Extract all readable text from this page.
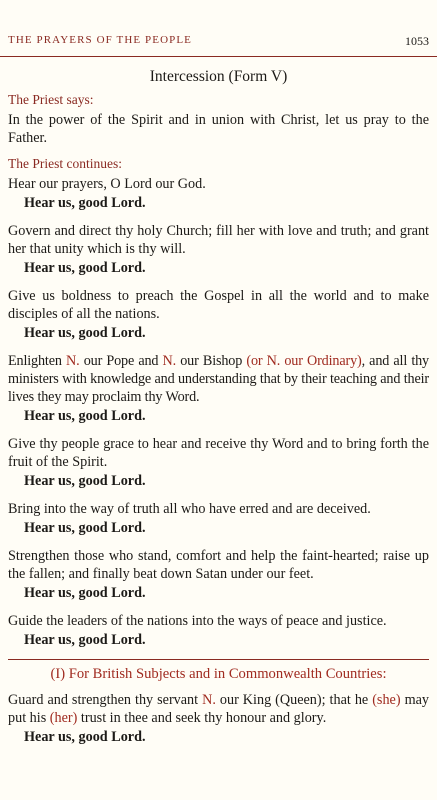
THE PRAYERS OF THE PEOPLE	1053
Intercession (Form V)
The Priest says:

In the power of the Spirit and in union with Christ, let us pray to the Father.

The Priest continues:

Hear our prayers, O Lord our God.

Hear us, good Lord.

Govern and direct thy holy Church; fill her with love and truth; and grant her that unity which is thy will.

Hear us, good Lord.

Give us boldness to preach the Gospel in all the world and to make disciples of all the nations.

Hear us, good Lord.

Enlighten N. our Pope and N. our Bishop (or N. our Ordinary), and all thy ministers with knowledge and understanding that by their teaching and their lives they may proclaim thy Word.

Hear us, good Lord.

Give thy people grace to hear and receive thy Word and to bring forth the fruit of the Spirit.

Hear us, good Lord.

Bring into the way of truth all who have erred and are deceived.

Hear us, good Lord.

Strengthen those who stand, comfort and help the faint-hearted; raise up the fallen; and finally beat down Satan under our feet.

Hear us, good Lord.

Guide the leaders of the nations into the ways of peace and justice.

Hear us, good Lord.
(I) For British Subjects and in Commonwealth Countries:

Guard and strengthen thy servant N. our King (Queen); that he (she) may put his (her) trust in thee and seek thy honour and glory.

Hear us, good Lord.
